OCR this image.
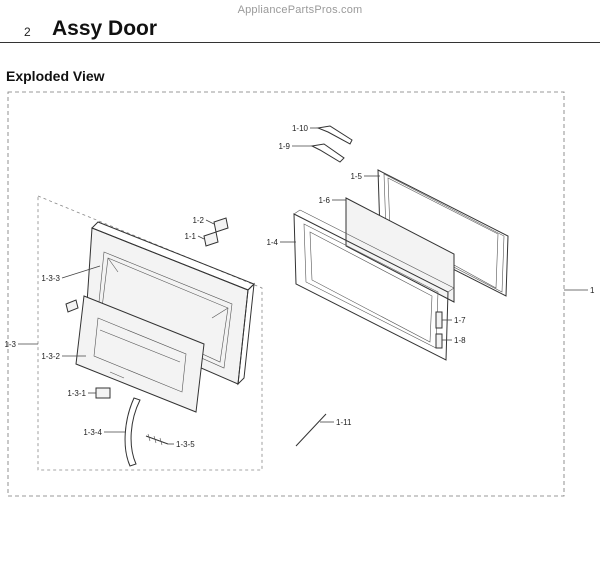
AppliancePartsPros.com
2 Assy Door
Exploded View
1
1-3
1-3-3
1-3-2
1-3-1
1-3-4
1-3-5
1-2
1-1
1-10
1-9
1-5
1-6
1-4
1-7
1-8
1-11
